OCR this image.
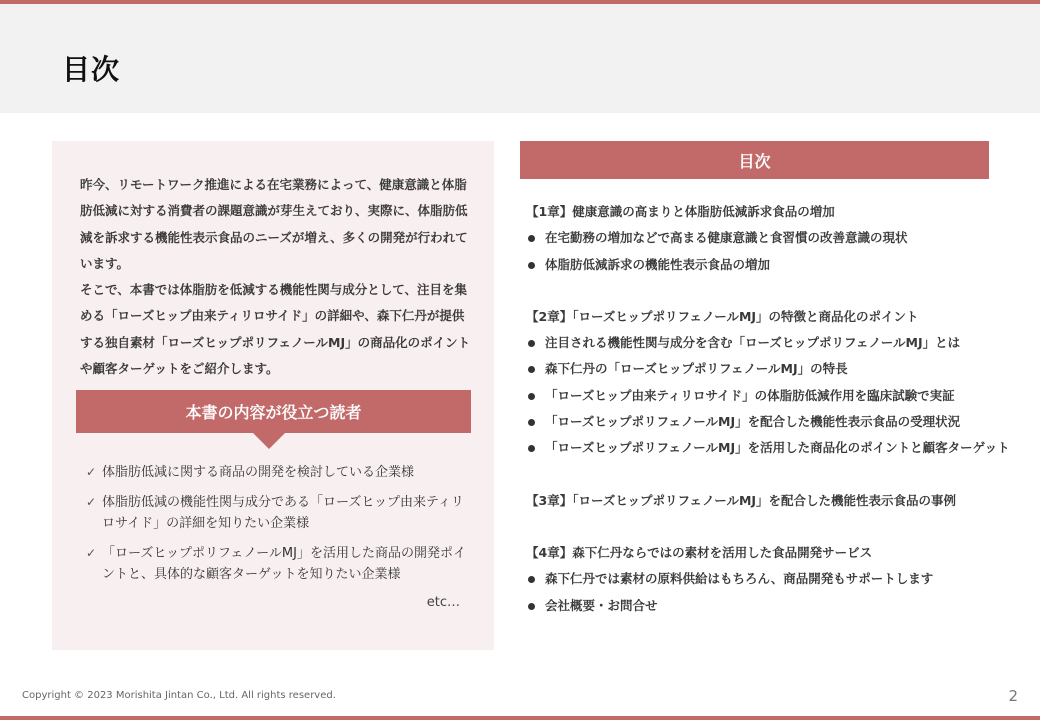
目次

昨今、リモートワーク推進による在宅業務によって、健康意識と体脂肪低減に対する消費者の課題意識が芽生えており、実際に、体脂肪低減を訴求する機能性表示食品のニーズが増え、多くの開発が行われています。

そこで、本書では体脂肪を低減する機能性関与成分として、注目を集める「ローズヒップ由来ティリロサイド」の詳細や、森下仁丹が提供する独自素材「ローズヒップポリフェノールMJ」の商品化のポイントや顧客ターゲットをご紹介します。

本書の内容が役立つ読者
✓ 体脂肪低減に関する商品の開発を検討している企業様
✓ 体脂肪低減の機能性関与成分である「ローズヒップ由来ティリロサイド」の詳細を知りたい企業様
✓ 「ローズヒップポリフェノールMJ」を活用した商品の開発ポイントと、具体的な顧客ターゲットを知りたい企業様
etc…
目次
【1章】健康意識の高まりと体脂肪低減訴求食品の増加
在宅勤務の増加などで高まる健康意識と食習慣の改善意識の現状
体脂肪低減訴求の機能性表示食品の増加
【2章】「ローズヒップポリフェノールMJ」の特徴と商品化のポイント
注目される機能性関与成分を含む「ローズヒップポリフェノールMJ」とは
森下仁丹の「ローズヒップポリフェノールMJ」の特長
「ローズヒップ由来ティリロサイド」の体脂肪低減作用を臨床試験で実証
「ローズヒップポリフェノールMJ」を配合した機能性表示食品の受理状況
「ローズヒップポリフェノールMJ」を活用した商品化のポイントと顧客ターゲット
【3章】「ローズヒップポリフェノールMJ」を配合した機能性表示食品の事例
【4章】森下仁丹ならではの素材を活用した食品開発サービス
森下仁丹では素材の原料供給はもちろん、商品開発もサポートします
会社概要・お問合せ
Copyright © 2023 Morishita Jintan Co., Ltd. All rights reserved.	2
